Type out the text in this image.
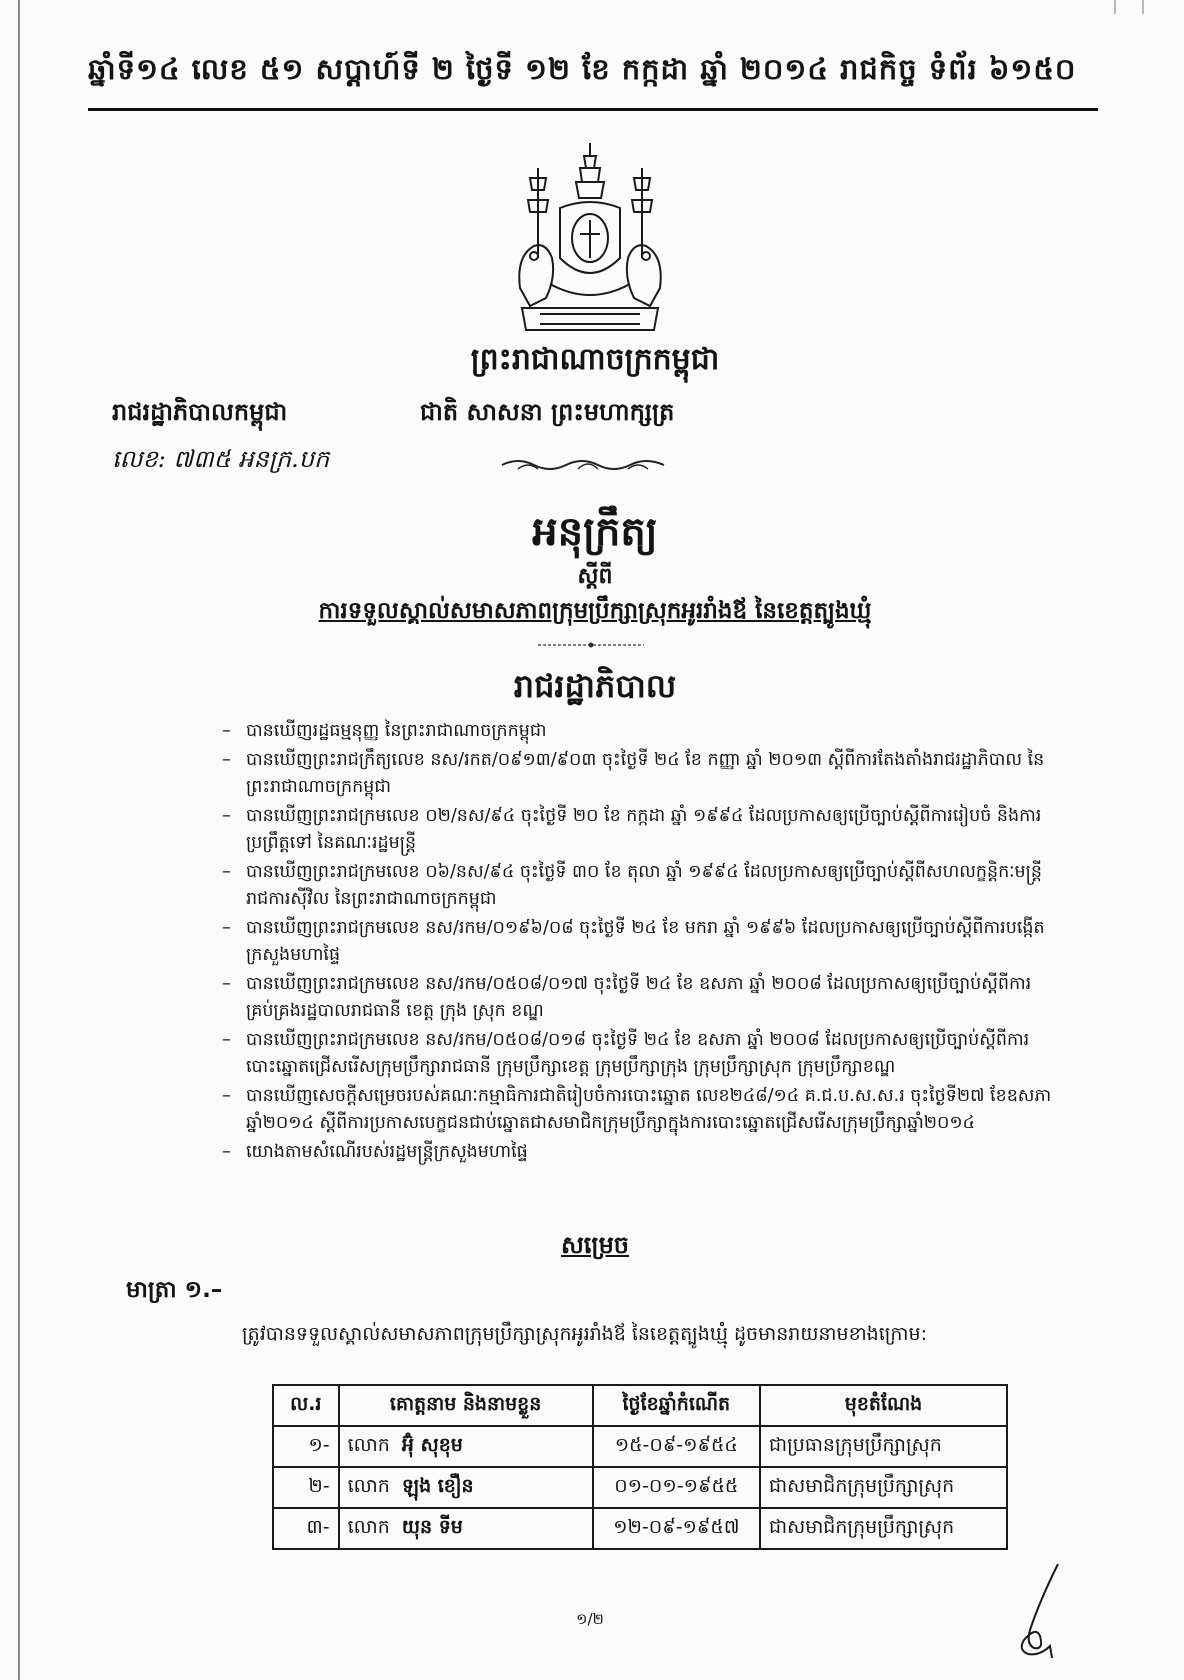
ឆ្នាំទី១៤ លេខ ៥១ សប្តាហ៍ទី ២ ថ្ងៃទី ១២ ខែ កក្កដា ឆ្នាំ ២០១៤ រាជកិច្ច ទំព័រ ៦១៥០
ព្រះរាជាណាចក្រកម្ពុជា
រាជរដ្ឋាភិបាលកម្ពុជា	ជាតិ សាសនា ព្រះមហាក្សត្រ
លេខ: ៧៣៥ អនក្រ.បក
អនុក្រឹត្យ
ស្តីពី
ការទទួលស្គាល់សមាសភាពក្រុមប្រឹក្សាស្រុកអូររាំងឪ នៃខេត្តត្បូងឃ្មុំ
រាជរដ្ឋាភិបាល
– បានឃើញរដ្ឋធម្មនុញ្ញ នៃព្រះរាជាណាចក្រកម្ពុជា
– បានឃើញព្រះរាជក្រឹត្យលេខ នស/រកត/០៩១៣/៩០៣ ចុះថ្ងៃទី ២៤ ខែ កញ្ញា ឆ្នាំ ២០១៣ ស្តីពីការតែងតាំងរាជរដ្ឋាភិបាល នៃព្រះរាជាណាចក្រកម្ពុជា
– បានឃើញព្រះរាជក្រមលេខ ០២/នស/៩៤ ចុះថ្ងៃទី ២០ ខែ កក្កដា ឆ្នាំ ១៩៩៤ ដែលប្រកាសឲ្យប្រើច្បាប់ស្តីពីការរៀបចំ និងការប្រព្រឹត្តទៅ នៃគណៈរដ្ឋមន្ត្រី
– បានឃើញព្រះរាជក្រមលេខ ០៦/នស/៩៤ ចុះថ្ងៃទី ៣០ ខែ តុលា ឆ្នាំ ១៩៩៤ ដែលប្រកាសឲ្យប្រើច្បាប់ស្តីពីសហលក្ខន្តិកៈមន្ត្រីរាជការស៊ីវិល នៃព្រះរាជាណាចក្រកម្ពុជា
– បានឃើញព្រះរាជក្រមលេខ នស/រកម/០១៩៦/០៨ ចុះថ្ងៃទី ២៤ ខែ មករា ឆ្នាំ ១៩៩៦ ដែលប្រកាសឲ្យប្រើច្បាប់ស្តីពីការបង្កើតក្រសួងមហាផ្ទៃ
– បានឃើញព្រះរាជក្រមលេខ នស/រកម/០៥០៨/០១៧ ចុះថ្ងៃទី ២៤ ខែ ឧសភា ឆ្នាំ ២០០៨ ដែលប្រកាសឲ្យប្រើច្បាប់ស្តីពីការគ្រប់គ្រងរដ្ឋបាលរាជធានី ខេត្ត ក្រុង ស្រុក ខណ្ឌ
– បានឃើញព្រះរាជក្រមលេខ នស/រកម/០៥០៨/០១៨ ចុះថ្ងៃទី ២៤ ខែ ឧសភា ឆ្នាំ ២០០៨ ដែលប្រកាសឲ្យប្រើច្បាប់ស្តីពីការបោះឆ្នោតជ្រើសរើសក្រុមប្រឹក្សារាជធានី ក្រុមប្រឹក្សាខេត្ត ក្រុមប្រឹក្សាក្រុង ក្រុមប្រឹក្សាស្រុក ក្រុមប្រឹក្សាខណ្ឌ
– បានឃើញសេចក្តីសម្រេចរបស់គណៈកម្មាធិការជាតិរៀបចំការបោះឆ្នោត លេខ២៤៨/១៤ គ.ជ.ប.ស.ស.រ ចុះថ្ងៃទី២៧ ខែឧសភា ឆ្នាំ២០១៤ ស្តីពីការប្រកាសបេក្ខជនជាប់ឆ្នោតជាសមាជិកក្រុមប្រឹក្សាក្នុងការបោះឆ្នោតជ្រើសរើសក្រុមប្រឹក្សាឆ្នាំ២០១៤
– យោងតាមសំណើរបស់រដ្ឋមន្ត្រីក្រសួងមហាផ្ទៃ
សម្រេច
មាត្រា ១.–
ត្រូវបានទទួលស្គាល់សមាសភាពក្រុមប្រឹក្សាស្រុកអូររាំងឪ នៃខេត្តត្បូងឃ្មុំ ដូចមានរាយនាមខាងក្រោម:
ល.រ	គោត្តនាម និងនាមខ្លួន	ថ្ងៃខែឆ្នាំកំណើត	មុខតំណែង
១-	លោក អ៊ុំ សុខុម	១៥-០៩-១៩៥៤	ជាប្រធានក្រុមប្រឹក្សាស្រុក
២-	លោក ឡុង ខឿន	០១-០១-១៩៥៥	ជាសមាជិកក្រុមប្រឹក្សាស្រុក
៣-	លោក យុន ទីម	១២-០៩-១៩៥៧	ជាសមាជិកក្រុមប្រឹក្សាស្រុក
១/២
